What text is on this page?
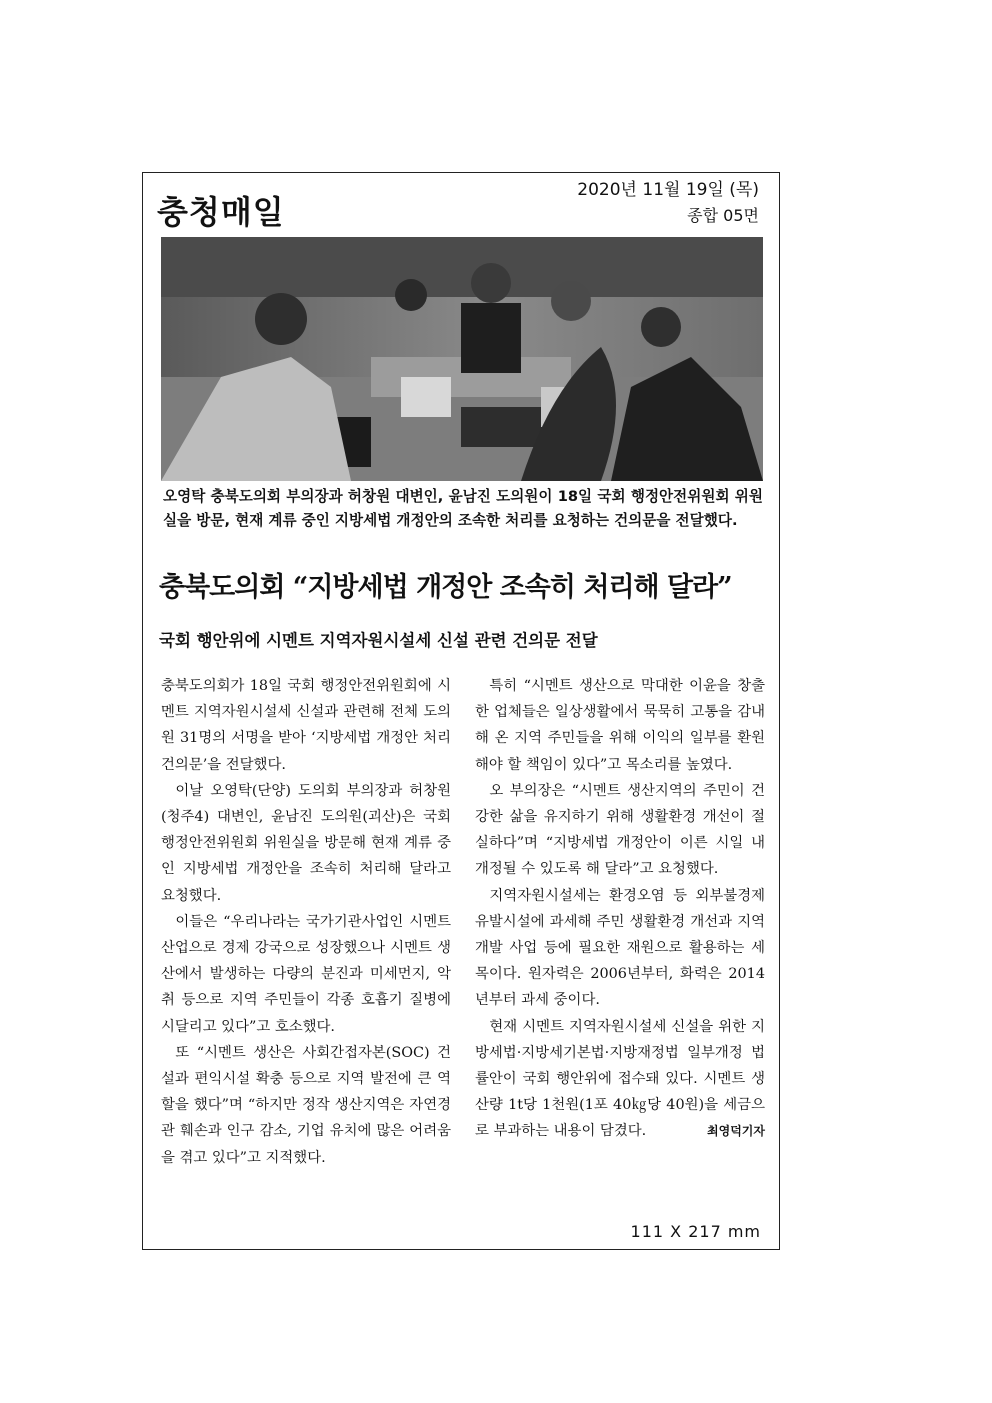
충청매일
2020년 11월 19일 (목)
종합 05면
오영탁 충북도의회 부의장과 허창원 대변인, 윤남진 도의원이 18일 국회 행정안전위원회 위원실을 방문, 현재 계류 중인 지방세법 개정안의 조속한 처리를 요청하는 건의문을 전달했다.
충북도의회 “지방세법 개정안 조속히 처리해 달라”
국회 행안위에 시멘트 지역자원시설세 신설 관련 건의문 전달

충북도의회가 18일 국회 행정안전위원회에 시멘트 지역자원시설세 신설과 관련해 전체 도의원 31명의 서명을 받아 ‘지방세법 개정안 처리 건의문’을 전달했다.

이날 오영탁(단양) 도의회 부의장과 허창원(청주4) 대변인, 윤남진 도의원(괴산)은 국회 행정안전위원회 위원실을 방문해 현재 계류 중인 지방세법 개정안을 조속히 처리해 달라고 요청했다.

이들은 “우리나라는 국가기관사업인 시멘트산업으로 경제 강국으로 성장했으나 시멘트 생산에서 발생하는 다량의 분진과 미세먼지, 악취 등으로 지역 주민들이 각종 호흡기 질병에 시달리고 있다”고 호소했다.

또 “시멘트 생산은 사회간접자본(SOC) 건설과 편익시설 확충 등으로 지역 발전에 큰 역할을 했다”며 “하지만 정작 생산지역은 자연경관 훼손과 인구 감소, 기업 유치에 많은 어려움을 겪고 있다”고 지적했다.

특히 “시멘트 생산으로 막대한 이윤을 창출한 업체들은 일상생활에서 묵묵히 고통을 감내해 온 지역 주민들을 위해 이익의 일부를 환원해야 할 책임이 있다”고 목소리를 높였다.

오 부의장은 “시멘트 생산지역의 주민이 건강한 삶을 유지하기 위해 생활환경 개선이 절실하다”며 “지방세법 개정안이 이른 시일 내 개정될 수 있도록 해 달라”고 요청했다.

지역자원시설세는 환경오염 등 외부불경제 유발시설에 과세해 주민 생활환경 개선과 지역개발 사업 등에 필요한 재원으로 활용하는 세목이다. 원자력은 2006년부터, 화력은 2014년부터 과세 중이다.

현재 시멘트 지역자원시설세 신설을 위한 지방세법·지방세기본법·지방재정법 일부개정 법률안이 국회 행안위에 접수돼 있다. 시멘트 생산량 1t당 1천원(1포 40㎏당 40원)을 세금으로 부과하는 내용이 담겼다.	최영덕기자

111 X 217 mm
